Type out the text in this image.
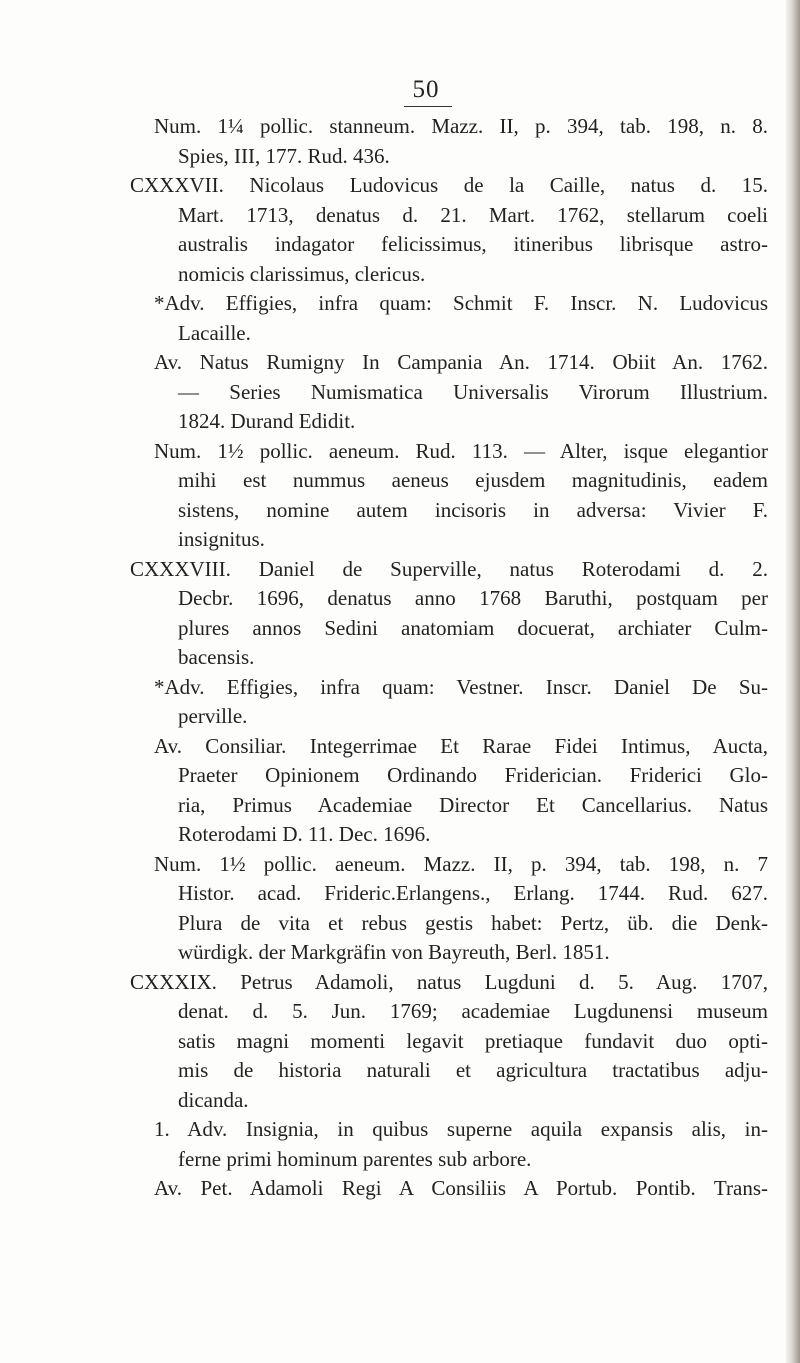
50
Num. 1¼ pollic. stanneum. Mazz. II, p. 394, tab. 198, n. 8.
Spies, III, 177. Rud. 436.
CXXXVII. Nicolaus Ludovicus de la Caille, natus d. 15.
Mart. 1713, denatus d. 21. Mart. 1762, stellarum coeli
australis indagator felicissimus, itineribus librisque astro-
nomicis clarissimus, clericus.
*Adv. Effigies, infra quam: Schmit F. Inscr. N. Ludovicus
Lacaille.
Av. Natus Rumigny In Campania An. 1714. Obiit An. 1762.
— Series Numismatica Universalis Virorum Illustrium.
1824. Durand Edidit.
Num. 1½ pollic. aeneum. Rud. 113. — Alter, isque elegantior
mihi est nummus aeneus ejusdem magnitudinis, eadem
sistens, nomine autem incisoris in adversa: Vivier F.
insignitus.
CXXXVIII. Daniel de Superville, natus Roterodami d. 2.
Decbr. 1696, denatus anno 1768 Baruthi, postquam per
plures annos Sedini anatomiam docuerat, archiater Culm-
bacensis.
*Adv. Effigies, infra quam: Vestner. Inscr. Daniel De Su-
perville.
Av. Consiliar. Integerrimae Et Rarae Fidei Intimus, Aucta,
Praeter Opinionem Ordinando Friderician. Friderici Glo-
ria, Primus Academiae Director Et Cancellarius. Natus
Roterodami D. 11. Dec. 1696.
Num. 1½ pollic. aeneum. Mazz. II, p. 394, tab. 198, n. 7
Histor. acad. Frideric.Erlangens., Erlang. 1744. Rud. 627.
Plura de vita et rebus gestis habet: Pertz, üb. die Denk-
würdigk. der Markgräfin von Bayreuth, Berl. 1851.
CXXXIX. Petrus Adamoli, natus Lugduni d. 5. Aug. 1707,
denat. d. 5. Jun. 1769; academiae Lugdunensi museum
satis magni momenti legavit pretiaque fundavit duo opti-
mis de historia naturali et agricultura tractatibus adju-
dicanda.
1. Adv. Insignia, in quibus superne aquila expansis alis, in-
ferne primi hominum parentes sub arbore.
Av. Pet. Adamoli Regi A Consiliis A Portub. Pontib. Trans-
